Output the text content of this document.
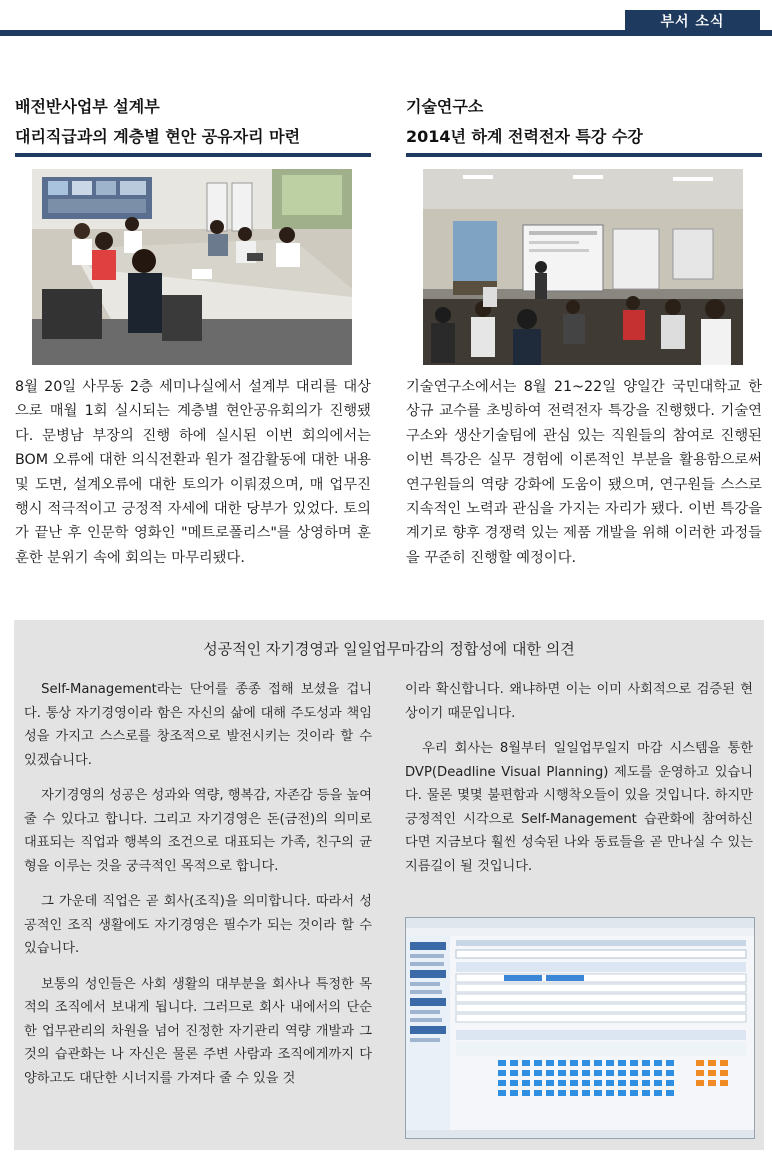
부서 소식
배전반사업부 설계부
대리직급과의 계층별 현안 공유자리 마련
8월 20일 사무동 2층 세미나실에서 설계부 대리를 대상으로 매월 1회 실시되는 계층별 현안공유회의가 진행됐다. 문병남 부장의 진행 하에 실시된 이번 회의에서는 BOM 오류에 대한 의식전환과 원가 절감활동에 대한 내용 및 도면, 설계오류에 대한 토의가 이뤄졌으며, 매 업무진행시 적극적이고 긍정적 자세에 대한 당부가 있었다. 토의가 끝난 후 인문학 영화인 "메트로폴리스"를 상영하며 훈훈한 분위기 속에 회의는 마무리됐다.
기술연구소
2014년 하계 전력전자 특강 수강
기술연구소에서는 8월 21~22일 양일간 국민대학교 한상규 교수를 초빙하여 전력전자 특강을 진행했다. 기술연구소와 생산기술팀에 관심 있는 직원들의 참여로 진행된 이번 특강은 실무 경험에 이론적인 부분을 활용함으로써 연구원들의 역량 강화에 도움이 됐으며, 연구원들 스스로 지속적인 노력과 관심을 가지는 자리가 됐다. 이번 특강을 계기로 향후 경쟁력 있는 제품 개발을 위해 이러한 과정들을 꾸준히 진행할 예정이다.
성공적인 자기경영과 일일업무마감의 정합성에 대한 의견

Self-Management라는 단어를 종종 접해 보셨을 겁니다. 통상 자기경영이라 함은 자신의 삶에 대해 주도성과 책임성을 가지고 스스로를 창조적으로 발전시키는 것이라 할 수 있겠습니다.

자기경영의 성공은 성과와 역량, 행복감, 자존감 등을 높여 줄 수 있다고 합니다. 그리고 자기경영은 돈(금전)의 의미로 대표되는 직업과 행복의 조건으로 대표되는 가족, 친구의 균형을 이루는 것을 궁극적인 목적으로 합니다.

그 가운데 직업은 곧 회사(조직)을 의미합니다. 따라서 성공적인 조직 생활에도 자기경영은 필수가 되는 것이라 할 수 있습니다.

보통의 성인들은 사회 생활의 대부분을 회사나 특정한 목적의 조직에서 보내게 됩니다. 그러므로 회사 내에서의 단순한 업무관리의 차원을 넘어 진정한 자기관리 역량 개발과 그것의 습관화는 나 자신은 물론 주변 사람과 조직에게까지 다양하고도 대단한 시너지를 가져다 줄 수 있을 것

이라 확신합니다. 왜냐하면 이는 이미 사회적으로 검증된 현상이기 때문입니다.

우리 회사는 8월부터 일일업무일지 마감 시스템을 통한 DVP(Deadline Visual Planning) 제도를 운영하고 있습니다. 물론 몇몇 불편함과 시행착오들이 있을 것입니다. 하지만 긍정적인 시각으로 Self-Management 습관화에 참여하신다면 지금보다 훨씬 성숙된 나와 동료들을 곧 만나실 수 있는 지름길이 될 것입니다.
